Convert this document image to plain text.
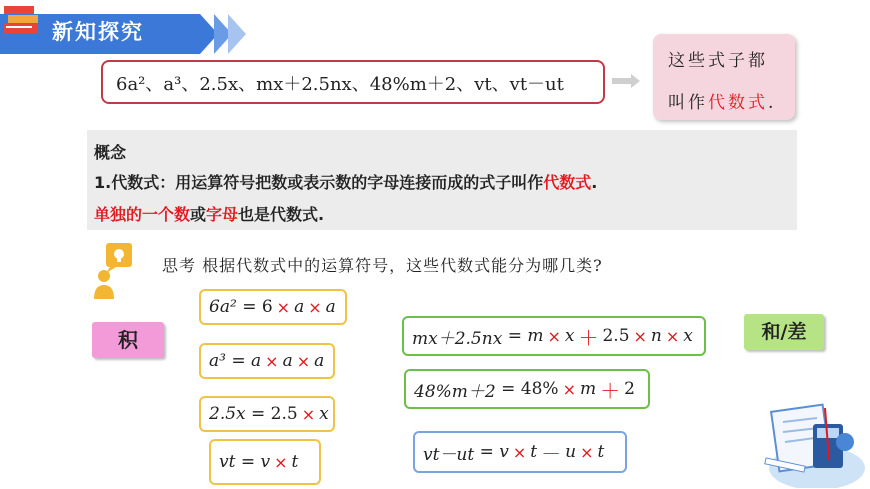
新知探究
6a²、a³、2.5x、mx＋2.5nx、48%m＋2、vt、vt－ut
这些式子都
叫作代数式.
概念
1.代数式：用运算符号把数或表示数的字母连接而成的式子叫作代数式.
单独的一个数或字母也是代数式.
思考 根据代数式中的运算符号，这些代数式能分为哪几类?
积	和/差
6a²
= 6 × a × a
a³
= a × a × a
2.5x
= 2.5 × x
vt
= v × t
mx＋2.5nx
= m × x ＋ 2.5 × n × x
48%m＋2
= 48% × m ＋ 2
vt－ut
= v × t － u × t
